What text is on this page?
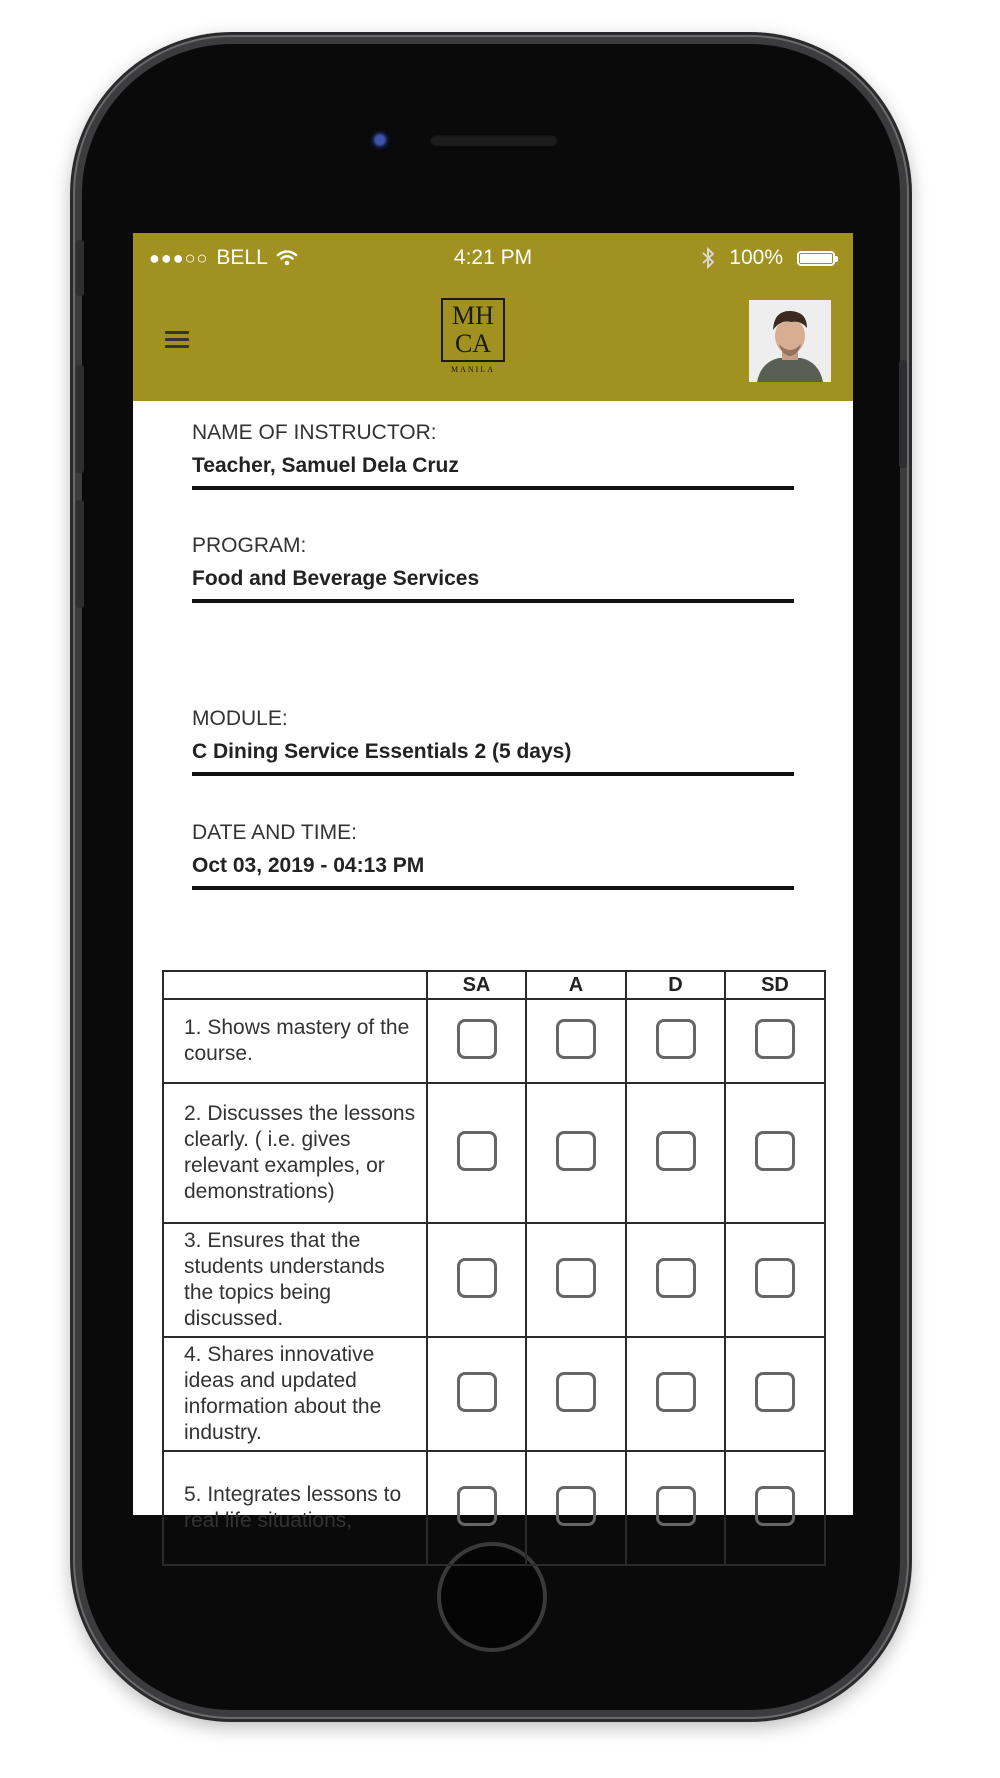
●●●○○ BELL	4:21 PM	100%
MH
CA
MANILA
NAME OF INSTRUCTOR:
Teacher, Samuel Dela Cruz
PROGRAM:
Food and Beverage Services
MODULE:
C Dining Service Essentials 2 (5 days)
DATE AND TIME:
Oct 03, 2019 - 04:13 PM
	SA	A	D	SD
1. Shows mastery of the course.				
2. Discusses the lessons clearly. ( i.e. gives relevant examples, or demonstrations)				
3. Ensures that the students understands the topics being discussed.				
4. Shares innovative ideas and updated information about the industry.				
5. Integrates lessons to real life situations,				
